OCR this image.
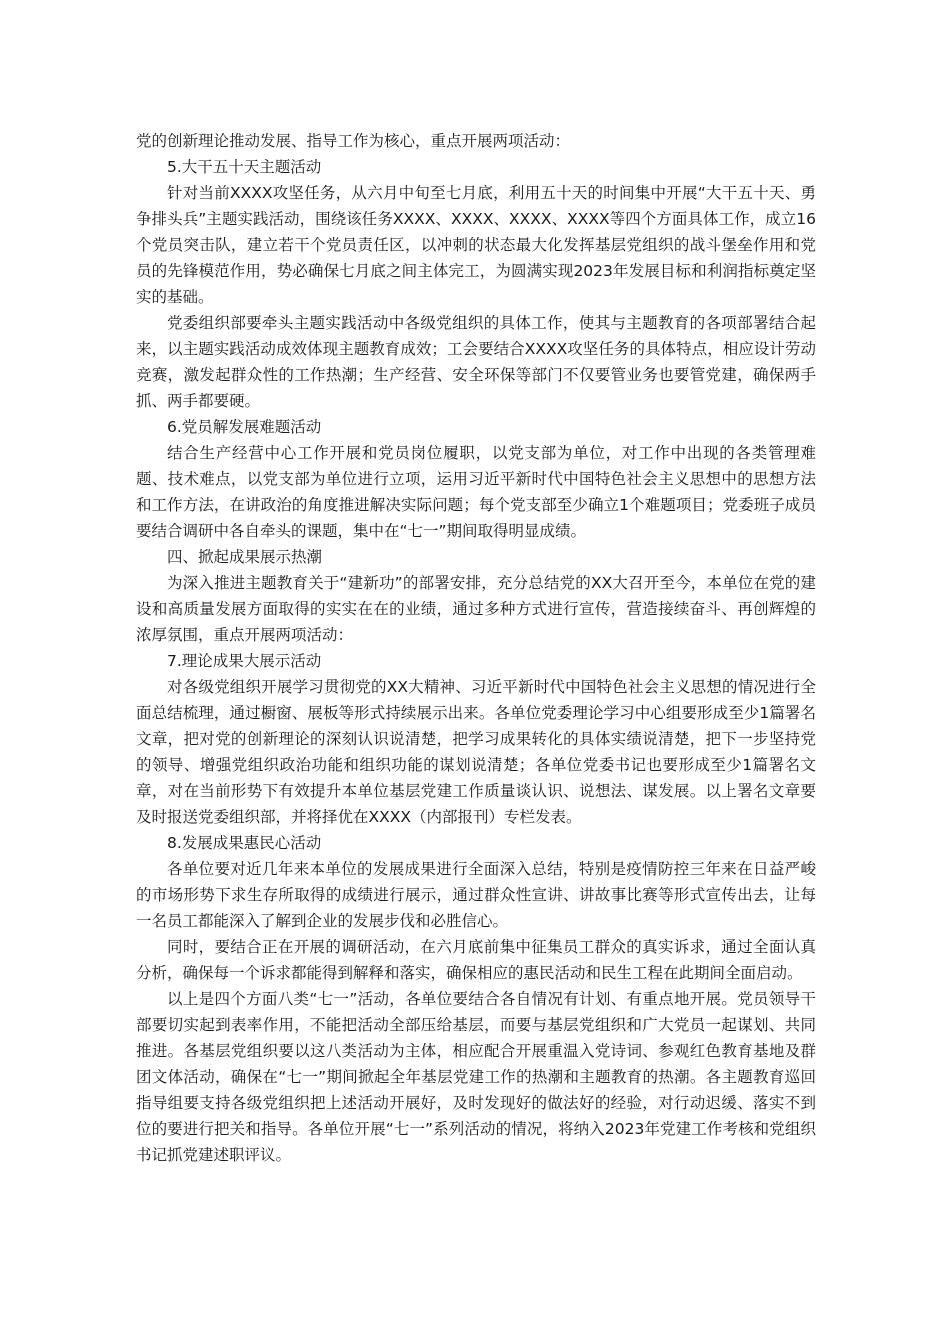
党的创新理论推动发展、指导工作为核心，重点开展两项活动：

5.大干五十天主题活动

针对当前XXXX攻坚任务，从六月中旬至七月底，利用五十天的时间集中开展“大干五十天、勇争排头兵”主题实践活动，围绕该任务XXXX、XXXX、XXXX、XXXX等四个方面具体工作，成立16个党员突击队，建立若干个党员责任区，以冲刺的状态最大化发挥基层党组织的战斗堡垒作用和党员的先锋模范作用，势必确保七月底之间主体完工，为圆满实现2023年发展目标和利润指标奠定坚实的基础。

党委组织部要牵头主题实践活动中各级党组织的具体工作，使其与主题教育的各项部署结合起来，以主题实践活动成效体现主题教育成效；工会要结合XXXX攻坚任务的具体特点，相应设计劳动竞赛，激发起群众性的工作热潮；生产经营、安全环保等部门不仅要管业务也要管党建，确保两手抓、两手都要硬。

6.党员解发展难题活动

结合生产经营中心工作开展和党员岗位履职，以党支部为单位，对工作中出现的各类管理难题、技术难点，以党支部为单位进行立项，运用习近平新时代中国特色社会主义思想中的思想方法和工作方法，在讲政治的角度推进解决实际问题；每个党支部至少确立1个难题项目；党委班子成员要结合调研中各自牵头的课题，集中在“七一”期间取得明显成绩。

四、掀起成果展示热潮

为深入推进主题教育关于“建新功”的部署安排，充分总结党的XX大召开至今，本单位在党的建设和高质量发展方面取得的实实在在的业绩，通过多种方式进行宣传，营造接续奋斗、再创辉煌的浓厚氛围，重点开展两项活动：

7.理论成果大展示活动

对各级党组织开展学习贯彻党的XX大精神、习近平新时代中国特色社会主义思想的情况进行全面总结梳理，通过橱窗、展板等形式持续展示出来。各单位党委理论学习中心组要形成至少1篇署名文章，把对党的创新理论的深刻认识说清楚，把学习成果转化的具体实绩说清楚，把下一步坚持党的领导、增强党组织政治功能和组织功能的谋划说清楚；各单位党委书记也要形成至少1篇署名文章，对在当前形势下有效提升本单位基层党建工作质量谈认识、说想法、谋发展。以上署名文章要及时报送党委组织部，并将择优在XXXX（内部报刊）专栏发表。

8.发展成果惠民心活动

各单位要对近几年来本单位的发展成果进行全面深入总结，特别是疫情防控三年来在日益严峻的市场形势下求生存所取得的成绩进行展示，通过群众性宣讲、讲故事比赛等形式宣传出去，让每一名员工都能深入了解到企业的发展步伐和必胜信心。

同时，要结合正在开展的调研活动，在六月底前集中征集员工群众的真实诉求，通过全面认真分析，确保每一个诉求都能得到解释和落实，确保相应的惠民活动和民生工程在此期间全面启动。

以上是四个方面八类“七一”活动，各单位要结合各自情况有计划、有重点地开展。党员领导干部要切实起到表率作用，不能把活动全部压给基层，而要与基层党组织和广大党员一起谋划、共同推进。各基层党组织要以这八类活动为主体，相应配合开展重温入党诗词、参观红色教育基地及群团文体活动，确保在“七一”期间掀起全年基层党建工作的热潮和主题教育的热潮。各主题教育巡回指导组要支持各级党组织把上述活动开展好，及时发现好的做法好的经验，对行动迟缓、落实不到位的要进行把关和指导。各单位开展“七一”系列活动的情况，将纳入2023年党建工作考核和党组织书记抓党建述职评议。
